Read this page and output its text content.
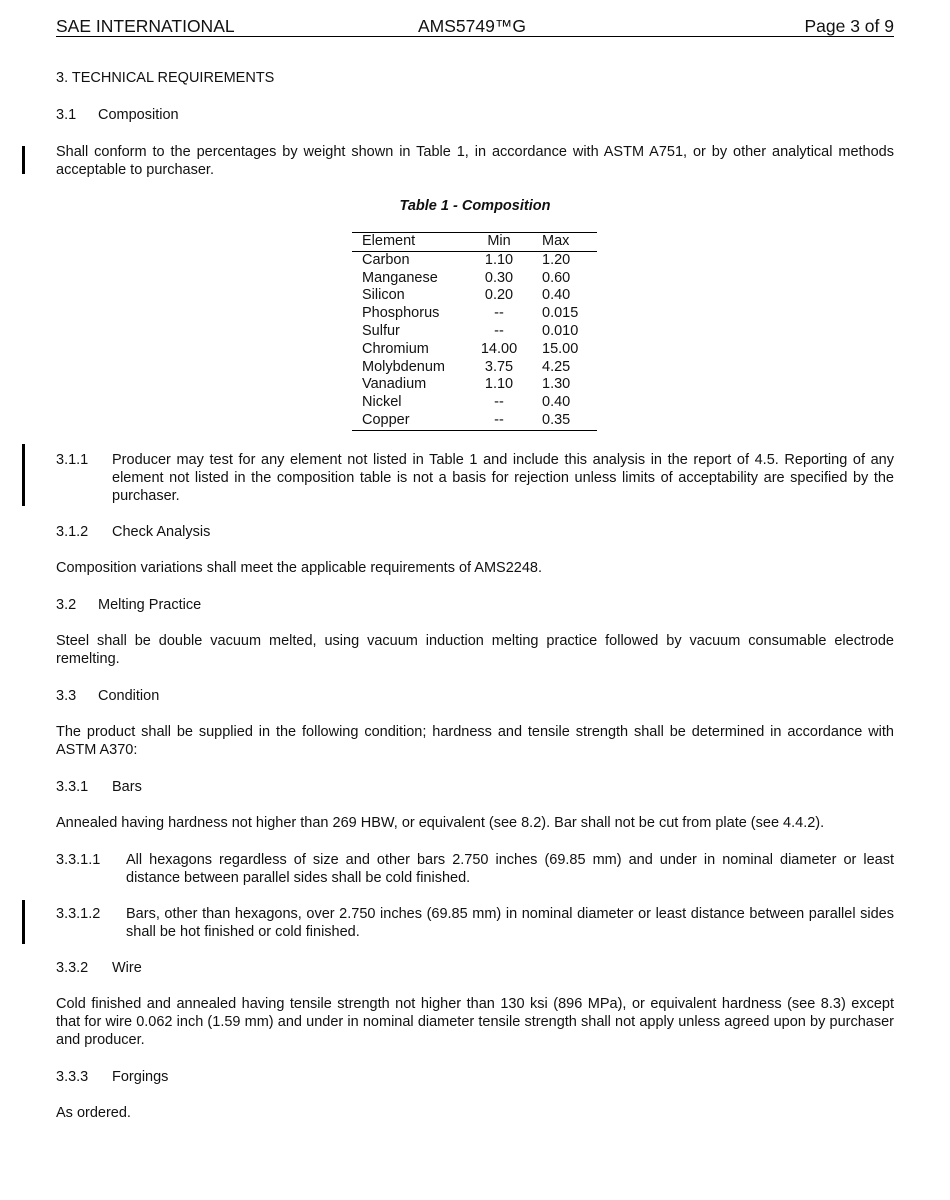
SAE INTERNATIONAL	AMS5749™G	Page 3 of 9
3. TECHNICAL REQUIREMENTS
3.1 Composition
Shall conform to the percentages by weight shown in Table 1, in accordance with ASTM A751, or by other analytical methods acceptable to purchaser.
Table 1 - Composition
Element	Min	Max
Carbon	1.10	1.20
Manganese	0.30	0.60
Silicon	0.20	0.40
Phosphorus	--	0.015
Sulfur	--	0.010
Chromium	14.00	15.00
Molybdenum	3.75	4.25
Vanadium	1.10	1.30
Nickel	--	0.40
Copper	--	0.35
3.1.1 Producer may test for any element not listed in Table 1 and include this analysis in the report of 4.5. Reporting of any element not listed in the composition table is not a basis for rejection unless limits of acceptability are specified by the purchaser.
3.1.2 Check Analysis
Composition variations shall meet the applicable requirements of AMS2248.
3.2 Melting Practice
Steel shall be double vacuum melted, using vacuum induction melting practice followed by vacuum consumable electrode remelting.
3.3 Condition
The product shall be supplied in the following condition; hardness and tensile strength shall be determined in accordance with ASTM A370:
3.3.1 Bars
Annealed having hardness not higher than 269 HBW, or equivalent (see 8.2). Bar shall not be cut from plate (see 4.4.2).
3.3.1.1 All hexagons regardless of size and other bars 2.750 inches (69.85 mm) and under in nominal diameter or least distance between parallel sides shall be cold finished.
3.3.1.2 Bars, other than hexagons, over 2.750 inches (69.85 mm) in nominal diameter or least distance between parallel sides shall be hot finished or cold finished.
3.3.2 Wire
Cold finished and annealed having tensile strength not higher than 130 ksi (896 MPa), or equivalent hardness (see 8.3) except that for wire 0.062 inch (1.59 mm) and under in nominal diameter tensile strength shall not apply unless agreed upon by purchaser and producer.
3.3.3 Forgings
As ordered.
